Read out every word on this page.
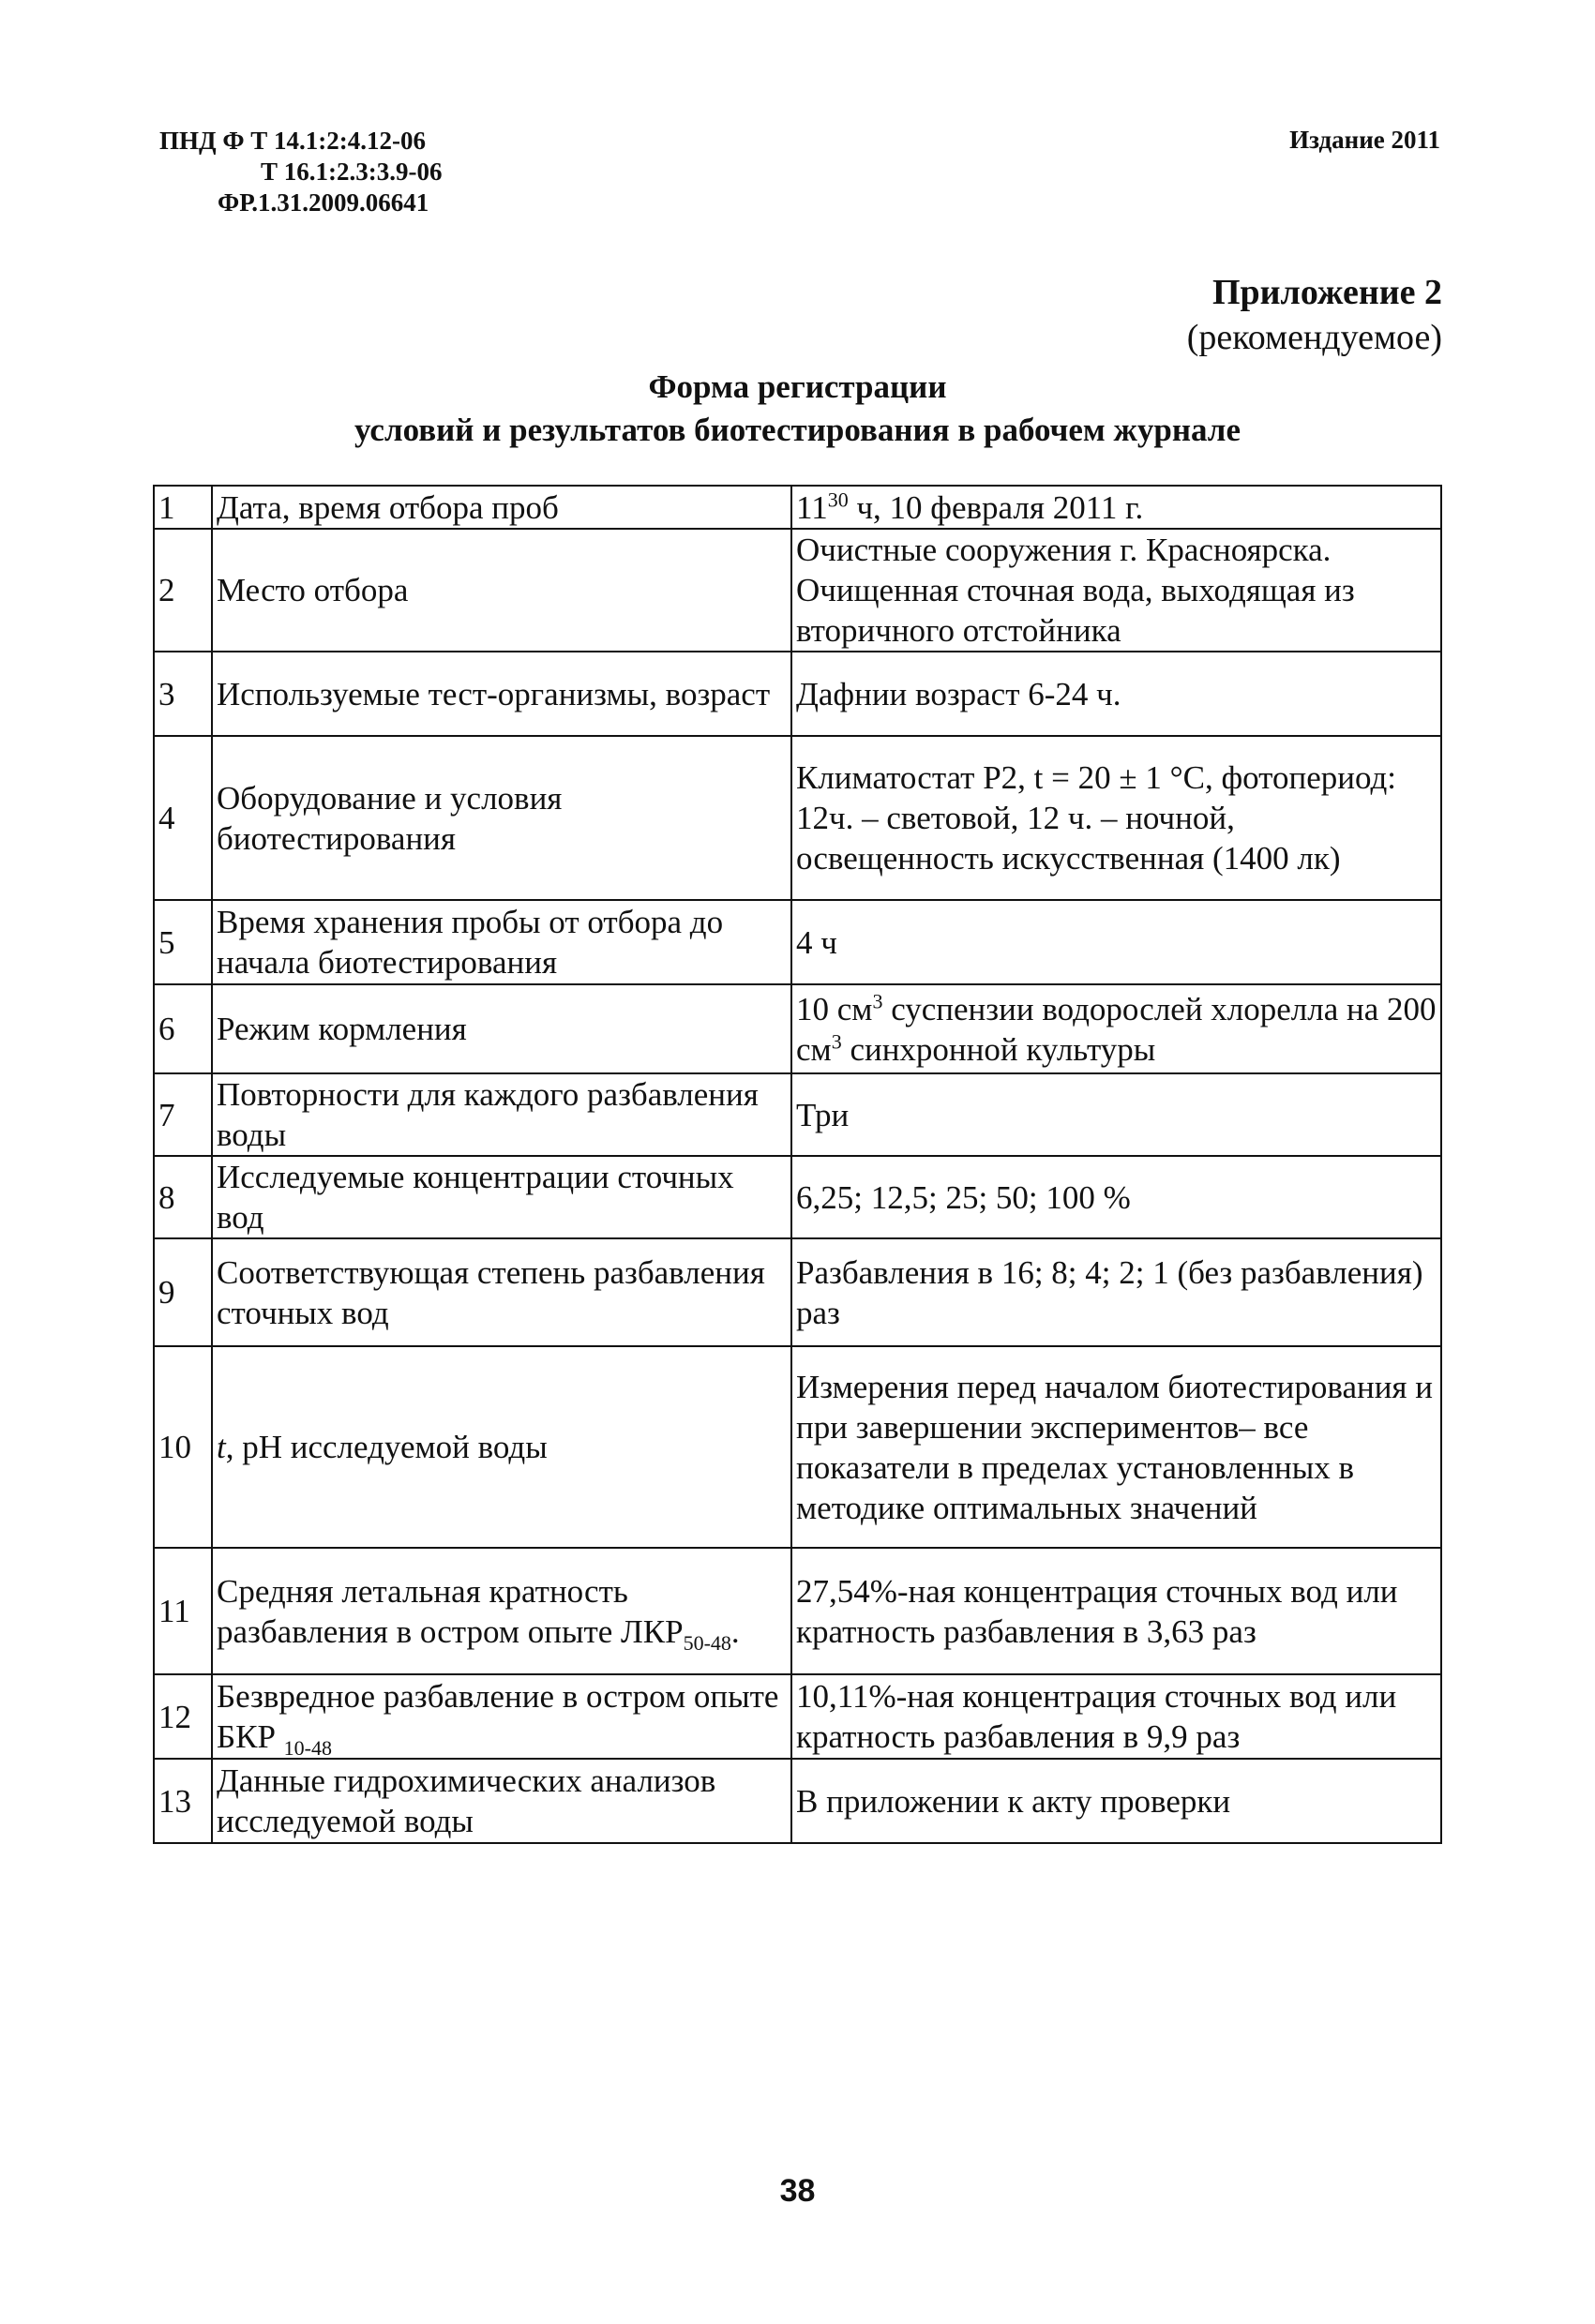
ПНД Ф Т 14.1:2:4.12-06
Т 16.1:2.3:3.9-06
ФР.1.31.2009.06641
Издание 2011
Приложение 2
(рекомендуемое)
Форма регистрации
условий и результатов биотестирования в рабочем журнале
1	Дата, время отбора проб	$11^{30}$ ч, 10 февраля 2011 г.
2	Место отбора	Очистные сооружения г. Красноярска. Очищенная сточная вода, выходящая из вторичного отстойника
3	Используемые тест-организмы, возраст	Дафнии возраст 6-24 ч.
4	Оборудование и условия биотестирования	Климатостат Р2, t = 20 ± 1 °С, фотопериод: 12ч. – световой, 12 ч. – ночной, освещенность искусственная (1400 лк)
5	Время хранения пробы от отбора до начала биотестирования	4 ч
6	Режим кормления	10 $см^3$ суспензии водорослей хлорелла на 200 $см^3$ синхронной культуры
7	Повторности для каждого разбавления воды	Три
8	Исследуемые концентрации сточных вод	6,25; 12,5; 25; 50; 100 %
9	Соответствующая степень разбавления сточных вод	Разбавления в 16; 8; 4; 2; 1 (без разбавления) раз
10	t, pH исследуемой воды	Измерения перед началом биотестирования и при завершении экспериментов– все показатели в пределах установленных в методике оптимальных значений
11	Средняя летальная кратность разбавления в остром опыте $ЛКР_{50-48}$.	27,54%-ная концентрация сточных вод или кратность разбавления в 3,63 раз
12	Безвредное разбавление в остром опыте БКР $_{10-48}$	10,11%-ная концентрация сточных вод или кратность разбавления в 9,9 раз
13	Данные гидрохимических анализов исследуемой воды	В приложении к акту проверки
38
